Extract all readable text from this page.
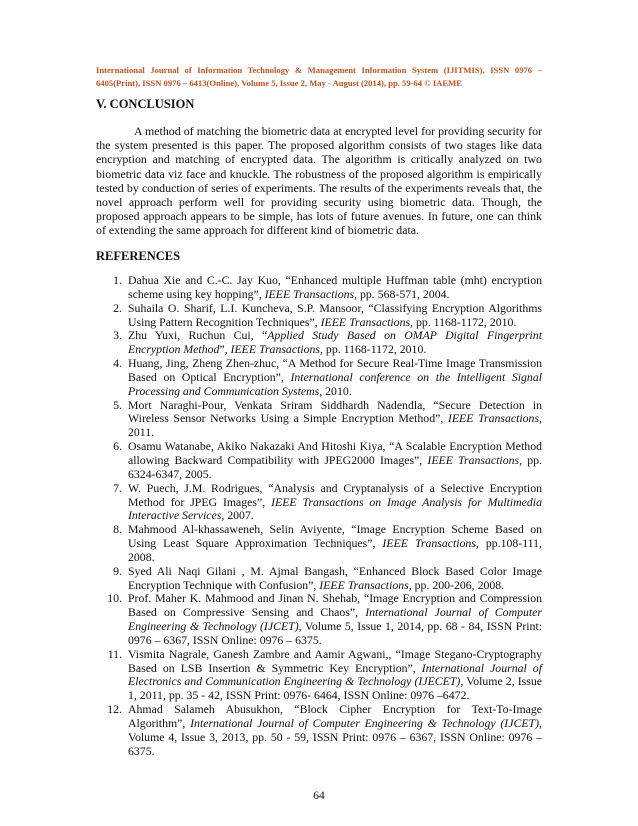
International Journal of Information Technology & Management Information System (IJITMIS), ISSN 0976 – 6405(Print), ISSN 0976 – 6413(Online), Volume 5, Issue 2, May - August (2014), pp. 59-64 © IAEME
V. CONCLUSION

A method of matching the biometric data at encrypted level for providing security for the system presented is this paper. The proposed algorithm consists of two stages like data encryption and matching of encrypted data. The algorithm is critically analyzed on two biometric data viz face and knuckle. The robustness of the proposed algorithm is empirically tested by conduction of series of experiments. The results of the experiments reveals that, the novel approach perform well for providing security using biometric data. Though, the proposed approach appears to be simple, has lots of future avenues. In future, one can think of extending the same approach for different kind of biometric data.

REFERENCES
1. Dahua Xie and C.-C. Jay Kuo, “Enhanced multiple Huffman table (mht) encryption scheme using key hopping”, IEEE Transactions, pp. 568-571, 2004.
2. Suhaila O. Sharif, L.I. Kuncheva, S.P. Mansoor, “Classifying Encryption Algorithms Using Pattern Recognition Techniques”, IEEE Transactions, pp. 1168-1172, 2010.
3. Zhu Yuxi, Ruchun Cui, “Applied Study Based on OMAP Digital Fingerprint Encryption Method”, IEEE Transactions, pp. 1168-1172, 2010.
4. Huang, Jing, Zheng Zhen-zhuc, “A Method for Secure Real-Time Image Transmission Based on Optical Encryption”, International conference on the Intelligent Signal Processing and Communication Systems, 2010.
5. Mort Naraghi-Pour, Venkata Sriram Siddhardh Nadendla, “Secure Detection in Wireless Sensor Networks Using a Simple Encryption Method”, IEEE Transactions, 2011.
6. Osamu Watanabe, Akiko Nakazaki And Hitoshi Kiya, “A Scalable Encryption Method allowing Backward Compatibility with JPEG2000 Images”, IEEE Transactions, pp. 6324-6347, 2005.
7. W. Puech, J.M. Rodrigues, “Analysis and Cryptanalysis of a Selective Encryption Method for JPEG Images”, IEEE Transactions on Image Analysis for Multimedia Interactive Services, 2007.
8. Mahmood Al-khassaweneh, Selin Aviyente, “Image Encryption Scheme Based on Using Least Square Approximation Techniques”, IEEE Transactions, pp.108-111, 2008.
9. Syed Ali Naqi Gilani , M. Ajmal Bangash, “Enhanced Block Based Color Image Encryption Technique with Confusion”, IEEE Transactions, pp. 200-206, 2008.
10. Prof. Maher K. Mahmood and Jinan N. Shehab, “Image Encryption and Compression Based on Compressive Sensing and Chaos”, International Journal of Computer Engineering & Technology (IJCET), Volume 5, Issue 1, 2014, pp. 68 - 84, ISSN Print: 0976 – 6367, ISSN Online: 0976 – 6375.
11. Vismita Nagrale, Ganesh Zambre and Aamir Agwani,, “Image Stegano-Cryptography Based on LSB Insertion & Symmetric Key Encryption”, International Journal of Electronics and Communication Engineering & Technology (IJECET), Volume 2, Issue 1, 2011, pp. 35 - 42, ISSN Print: 0976- 6464, ISSN Online: 0976 –6472.
12. Ahmad Salameh Abusukhon, “Block Cipher Encryption for Text-To-Image Algorithm”, International Journal of Computer Engineering & Technology (IJCET), Volume 4, Issue 3, 2013, pp. 50 - 59, ISSN Print: 0976 – 6367, ISSN Online: 0976 – 6375.
64
